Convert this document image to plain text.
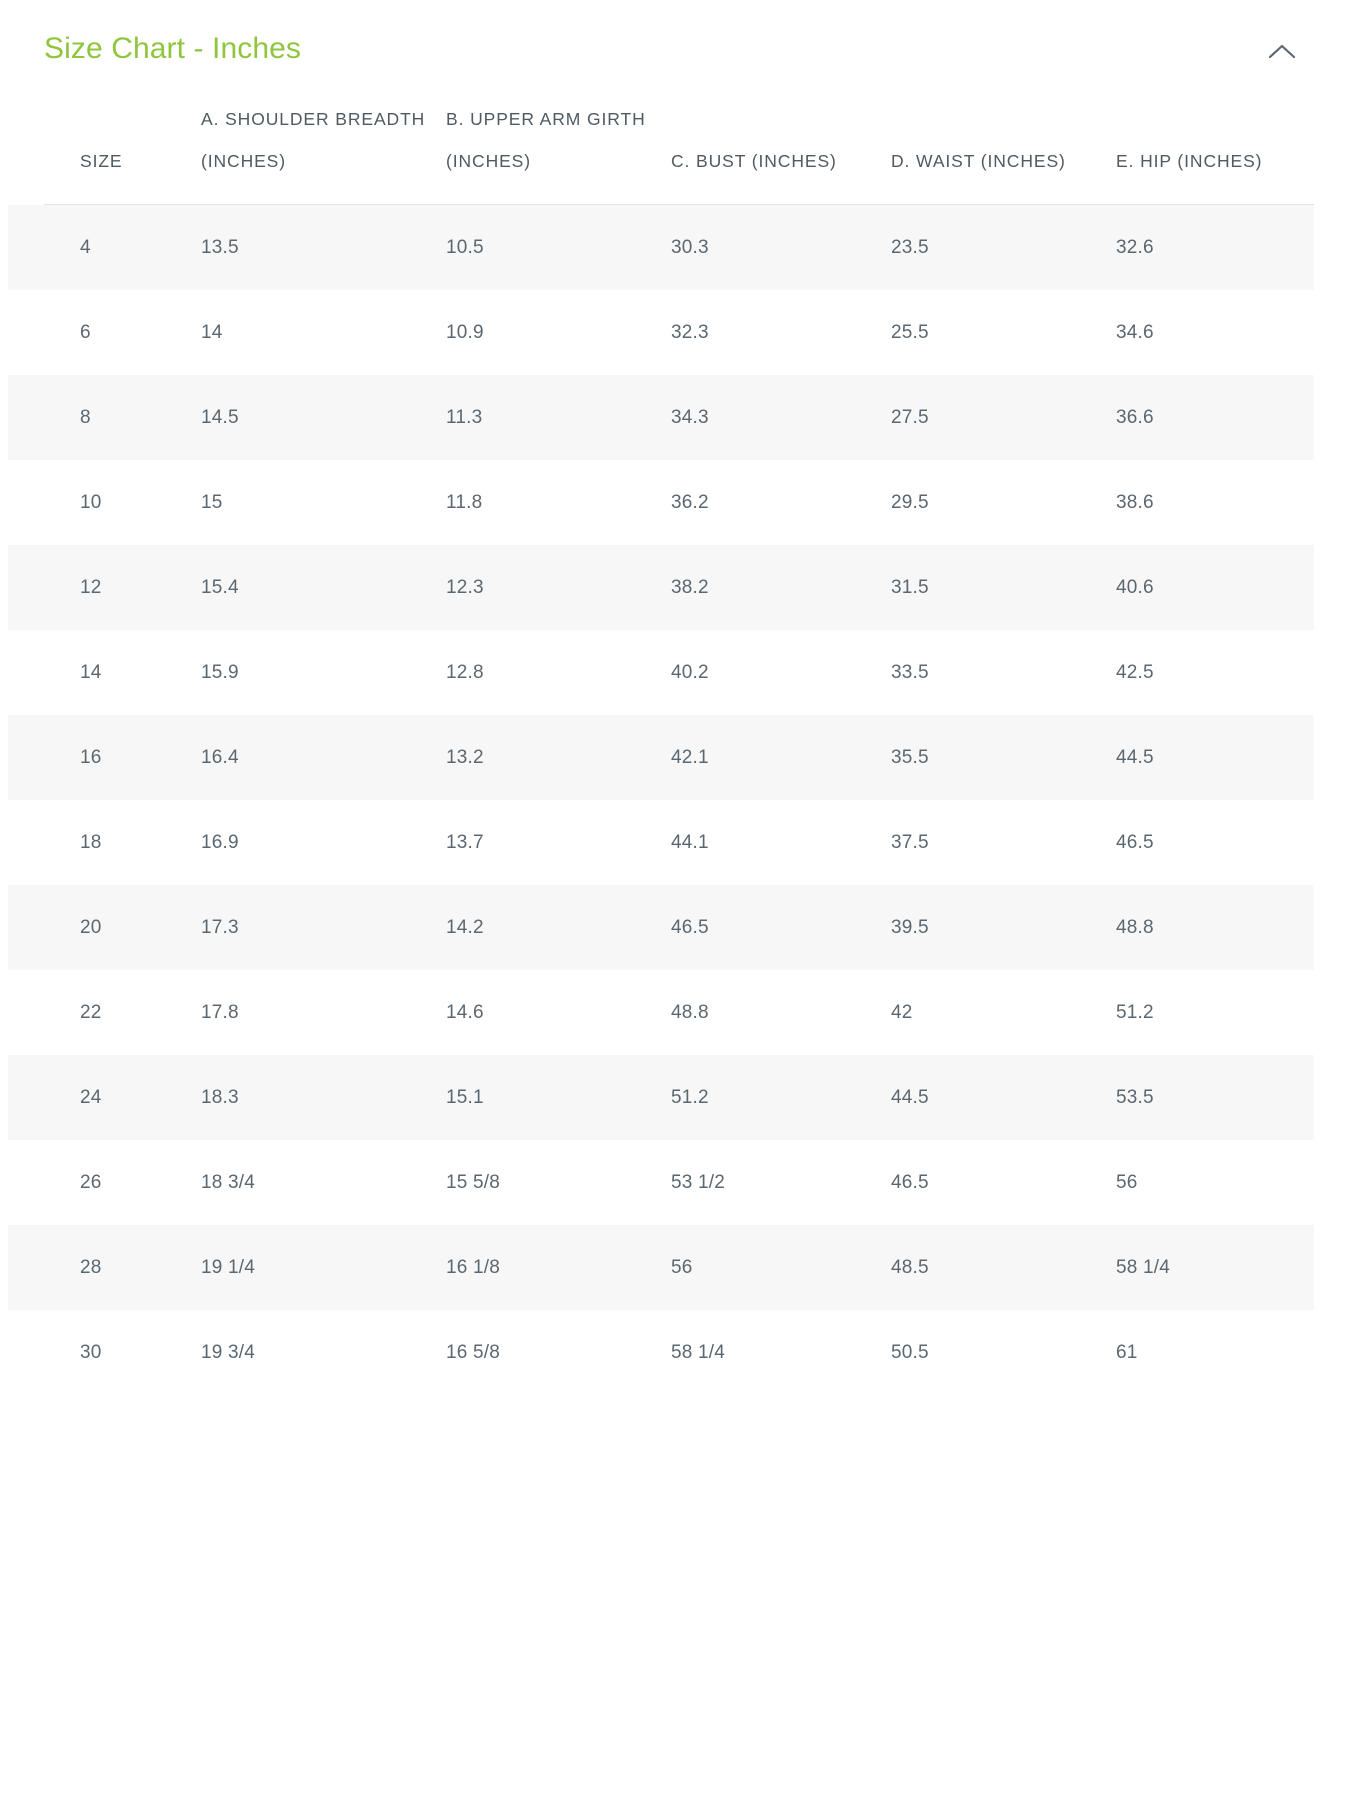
Size Chart - Inches
SIZE	A. SHOULDER BREADTH (INCHES)	B. UPPER ARM GIRTH (INCHES)	C. BUST (INCHES)	D. WAIST (INCHES)	E. HIP (INCHES)

4	13.5	10.5	30.3	23.5	32.6
6	14	10.9	32.3	25.5	34.6
8	14.5	11.3	34.3	27.5	36.6
10	15	11.8	36.2	29.5	38.6
12	15.4	12.3	38.2	31.5	40.6
14	15.9	12.8	40.2	33.5	42.5
16	16.4	13.2	42.1	35.5	44.5
18	16.9	13.7	44.1	37.5	46.5
20	17.3	14.2	46.5	39.5	48.8
22	17.8	14.6	48.8	42	51.2
24	18.3	15.1	51.2	44.5	53.5
26	18 3/4	15 5/8	53 1/2	46.5	56
28	19 1/4	16 1/8	56	48.5	58 1/4
30	19 3/4	16 5/8	58 1/4	50.5	61
